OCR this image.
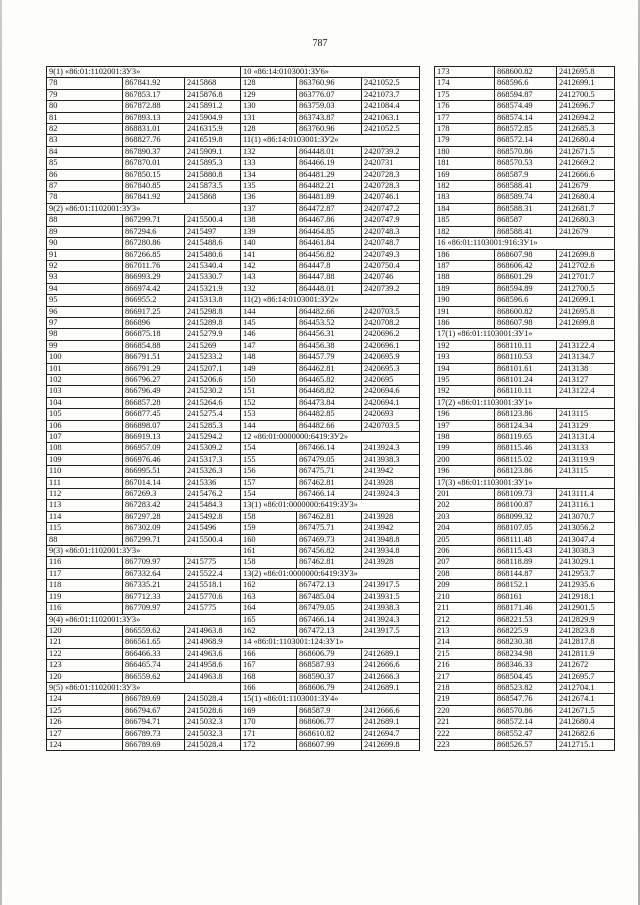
787
9(1) «86:01:1102001:ЗУ3»		
78	867841.92	2415868
79	867853.17	2415876.8
80	867872.88	2415891.2
81	867893.13	2415904.9
82	868831.01	2416315.9
83	868827.76	2416519.8
84	867890.37	2415909.1
85	867870.01	2415895.3
86	867850.15	2415880.8
87	867840.85	2415873.5
78	867841.92	2415868
9(2) «86:01:1102001:ЗУ3»		
88	867299.71	2415500.4
89	867294.6	2415497
90	867280.86	2415488.6
91	867266.85	2415480.6
92	867011.76	2415340.4
93	866993.29	2415330.7
94	866974.42	2415321.9
95	866955.2	2415313.8
96	866917.25	2415298.8
97	866896	2415289.8
98	866875.18	2415279.9
99	866854.88	2415269
100	866791.51	2415233.2
101	866791.29	2415207.1
102	866796.27	2415206.6
103	866796.49	2415230.2
104	866857.28	2415264.6
105	866877.45	2415275.4
106	866898.07	2415285.3
107	866919.13	2415294.2
108	866957.09	2415309.2
109	866976.46	2415317.3
110	866995.51	2415326.3
111	867014.14	2415336
112	867269.3	2415476.2
113	867283.42	2415484.3
114	867297.28	2415492.8
115	867302.09	2415496
88	867299.71	2415500.4
9(3) «86:01:1102001:ЗУ3»		
116	867709.97	2415775
117	867332.64	2415522.4
118	867335.21	2415518.1
119	867712.33	2415770.6
116	867709.97	2415775
9(4) «86:01:1102001:ЗУ3»		
120	866559.62	2414963.8
121	866561.65	2414968.9
122	866466.33	2414963.6
123	866465.74	2414958.6
120	866559.62	2414963.8
9(5) «86:01:1102001:ЗУ3»		
124	866789.69	2415028.4
125	866794.67	2415028.6
126	866794.71	2415032.3
127	866789.73	2415032.3
124	866789.69	2415028.4
10 «86:14:0103001:ЗУ6»		
128	863760.96	2421052.5
129	863776.07	2421073.7
130	863759.03	2421084.4
131	863743.87	2421063.1
128	863760.96	2421052.5
11(1) «86:14:0103001:ЗУ2»		
132	864448.01	2420739.2
133	864466.19	2420731
134	864481.29	2420728.3
135	864482.21	2420728.3
136	864481.89	2420746.1
137	864472.87	2420747.2
138	864467.86	2420747.9
139	864464.85	2420748.3
140	864461.84	2420748.7
141	864456.82	2420749.3
142	864447.8	2420750.4
143	864447.88	2420746
132	864448.01	2420739.2
11(2) «86:14:0103001:ЗУ2»		
144	864482.66	2420703.5
145	864453.52	2420708.2
146	864456.31	2420696.2
147	864456.38	2420696.1
148	864457.79	2420695.9
149	864462.81	2420695.3
150	864465.82	2420695
151	864468.82	2420694.6
152	864473.84	2420694.1
153	864482.85	2420693
144	864482.66	2420703.5
12 «86:01:0000000:6419:ЗУ2»		
154	867466.14	2413924.3
155	867479.05	2413938.3
156	867475.71	2413942
157	867462.81	2413928
154	867466.14	2413924.3
13(1) «86:01:0000000:6419:ЗУ3»		
158	867462.81	2413928
159	867475.71	2413942
160	867469.73	2413948.8
161	867456.82	2413934.8
158	867462.81	2413928
13(2) «86:01:0000000:6419:ЗУ3»		
162	867472.13	2413917.5
163	867485.04	2413931.5
164	867479.05	2413938.3
165	867466.14	2413924.3
162	867472.13	2413917.5
14 «86:01:1103001:124:ЗУ1»		
166	868606.79	2412689.1
167	868587.93	2412666.6
168	868590.37	2412666.3
166	868606.79	2412689.1
15(1) «86:01:1103001:ЗУ4»		
169	868587.9	2412666.6
170	868606.77	2412689.1
171	868610.82	2412694.7
172	868607.99	2412699.8
173	868600.82	2412695.8
174	868596.6	2412699.1
175	868594.87	2412700.5
176	868574.49	2412696.7
177	868574.14	2412694.2
178	868572.85	2412685.3
179	868572.14	2412680.4
180	868570.86	2412671.5
181	868570.53	2412669.2
169	868587.9	2412666.6
182	868588.41	2412679
183	868589.74	2412680.4
184	868588.31	2412681.7
185	868587	2412680.3
182	868588.41	2412679
16 «86:01:1103001:916:ЗУ1»		
186	868607.98	2412699.8
187	868606.42	2412702.6
188	868601.29	2412701.7
189	868594.89	2412700.5
190	868596.6	2412699.1
191	868600.82	2412695.8
186	868607.98	2412699.8
17(1) «86:01:1103001:ЗУ1»		
192	868110.11	2413122.4
193	868110.53	2413134.7
194	868101.61	2413138
195	868101.24	2413127
192	868110.11	2413122.4
17(2) «86:01:1103001:ЗУ1»		
196	868123.86	2413115
197	868124.34	2413129
198	868119.65	2413131.4
199	868115.46	2413133
200	868115.02	2413119.9
196	868123.86	2413115
17(3) «86:01:1103001:ЗУ1»		
201	868109.73	2413111.4
202	868100.87	2413116.1
203	868099.32	2413070.7
204	868107.05	2413056.2
205	868111.48	2413047.4
206	868115.43	2413038.3
207	868118.89	2413029.1
208	868144.87	2412953.7
209	868152.1	2412935.6
210	868161	2412918.1
211	868171.46	2412901.5
212	868221.53	2412829.9
213	868225.9	2412823.8
214	868230.38	2412817.8
215	868234.98	2412811.9
216	868346.33	2412672
217	868504.45	2412695.7
218	868523.82	2412704.1
219	868547.76	2412674.1
220	868570.86	2412671.5
221	868572.14	2412680.4
222	868552.47	2412682.6
223	868526.57	2412715.1
